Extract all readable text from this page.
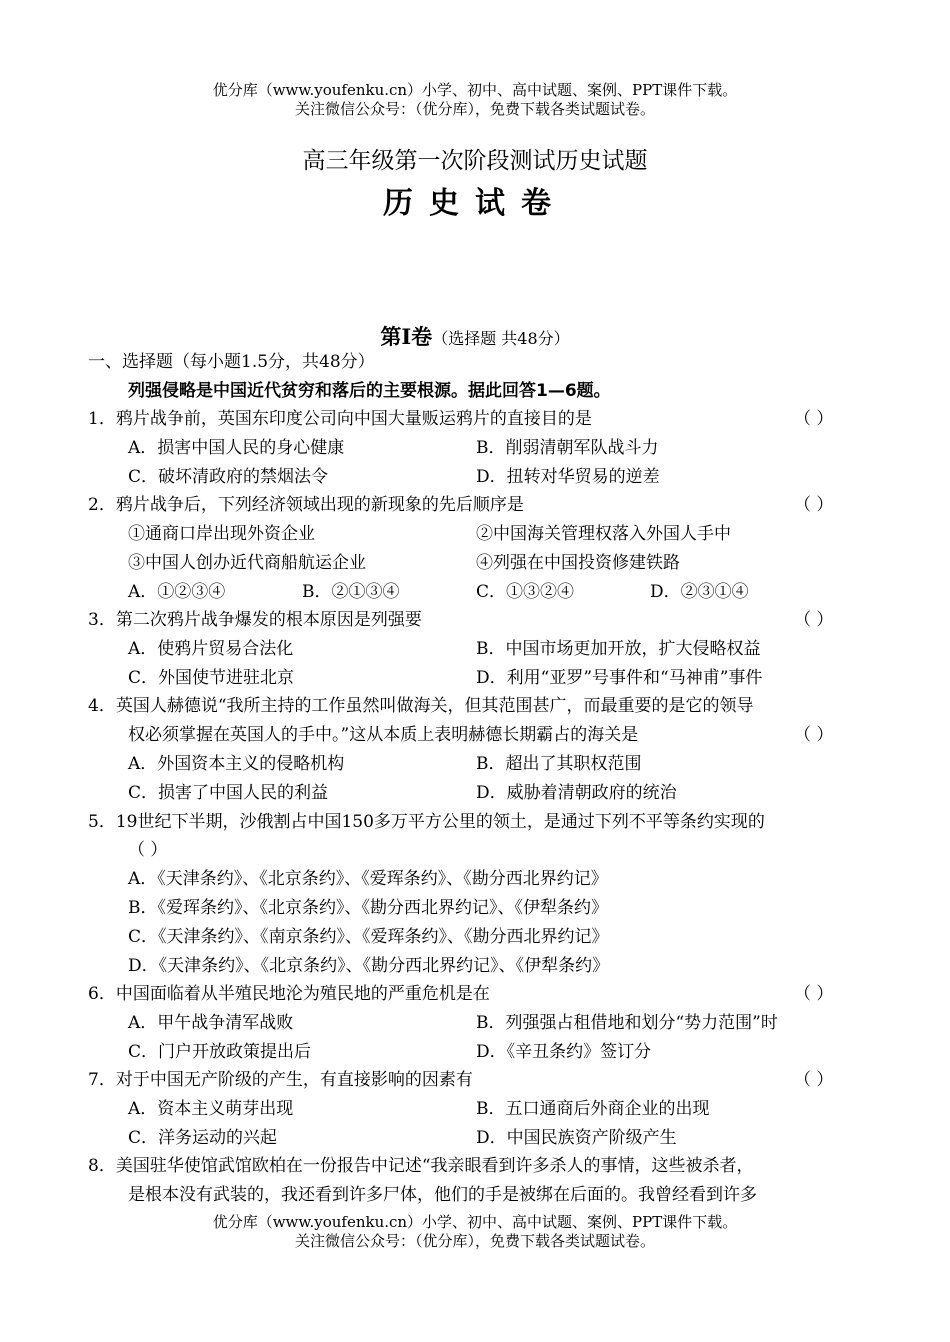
优分库（www.youfenku.cn）小学、初中、高中试题、案例、PPT课件下载。
关注微信公众号：（优分库），免费下载各类试题试卷。
高三年级第一次阶段测试历史试题
历史试卷
第Ⅰ卷（选择题 共48分）
一、选择题（每小题1.5分，共48分）
列强侵略是中国近代贫穷和落后的主要根源。据此回答1—6题。
1．鸦片战争前，英国东印度公司向中国大量贩运鸦片的直接目的是	（ ）
A．损害中国人民的身心健康	B．削弱清朝军队战斗力
C．破坏清政府的禁烟法令	D．扭转对华贸易的逆差
2．鸦片战争后，下列经济领域出现的新现象的先后顺序是	（ ）
①通商口岸出现外资企业	②中国海关管理权落入外国人手中
③中国人创办近代商船航运企业	④列强在中国投资修建铁路
A．①②③④	B．②①③④	C．①③②④	D．②③①④
3．第二次鸦片战争爆发的根本原因是列强要	（ ）
A．使鸦片贸易合法化	B．中国市场更加开放，扩大侵略权益
C．外国使节进驻北京	D．利用“亚罗”号事件和“马神甫”事件
4．英国人赫德说“我所主持的工作虽然叫做海关，但其范围甚广，而最重要的是它的领导
权必须掌握在英国人的手中。”这从本质上表明赫德长期霸占的海关是	（ ）
A．外国资本主义的侵略机构	B．超出了其职权范围
C．损害了中国人民的利益	D．威胁着清朝政府的统治
5．19世纪下半期，沙俄割占中国150多万平方公里的领土，是通过下列不平等条约实现的
（ ）
A．《天津条约》、《北京条约》、《爱珲条约》、《勘分西北界约记》
B．《爱珲条约》、《北京条约》、《勘分西北界约记》、《伊犁条约》
C．《天津条约》、《南京条约》、《爱珲条约》、《勘分西北界约记》
D．《天津条约》、《北京条约》、《勘分西北界约记》、《伊犁条约》
6．中国面临着从半殖民地沦为殖民地的严重危机是在	（ ）
A．甲午战争清军战败	B．列强强占租借地和划分“势力范围”时
C．门户开放政策提出后	D．《辛丑条约》签订分
7．对于中国无产阶级的产生，有直接影响的因素有	（ ）
A．资本主义萌芽出现	B．五口通商后外商企业的出现
C．洋务运动的兴起	D．中国民族资产阶级产生
8．美国驻华使馆武馆欧柏在一份报告中记述“我亲眼看到许多杀人的事情，这些被杀者，
是根本没有武装的，我还看到许多尸体，他们的手是被绑在后面的。我曾经看到许多
优分库（www.youfenku.cn）小学、初中、高中试题、案例、PPT课件下载。
关注微信公众号：（优分库），免费下载各类试题试卷。
